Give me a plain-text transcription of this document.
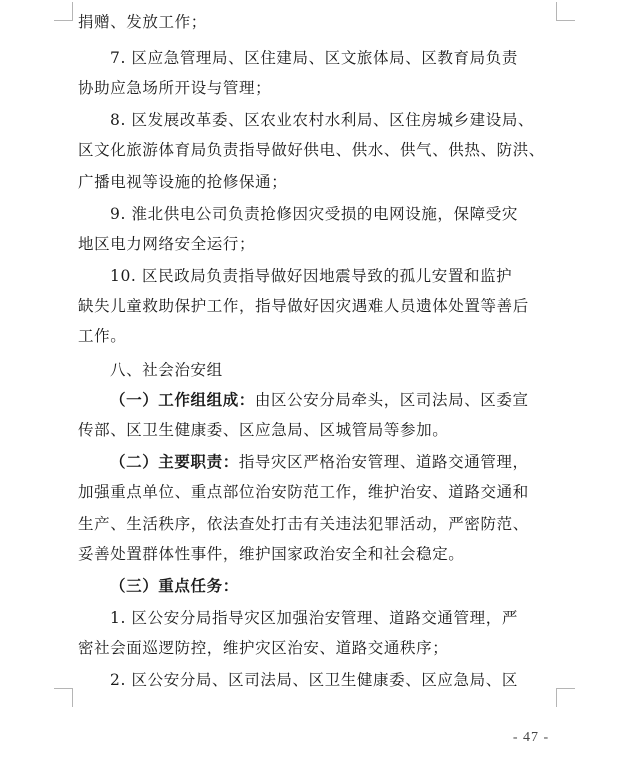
捐赠、发放工作；
7. 区应急管理局、区住建局、区文旅体局、区教育局负责
协助应急场所开设与管理；
8. 区发展改革委、区农业农村水利局、区住房城乡建设局、
区文化旅游体育局负责指导做好供电、供水、供气、供热、防洪、
广播电视等设施的抢修保通；
9. 淮北供电公司负责抢修因灾受损的电网设施，保障受灾
地区电力网络安全运行；
10. 区民政局负责指导做好因地震导致的孤儿安置和监护
缺失儿童救助保护工作，指导做好因灾遇难人员遗体处置等善后
工作。
八、社会治安组
（一）工作组组成：由区公安分局牵头，区司法局、区委宣
传部、区卫生健康委、区应急局、区城管局等参加。
（二）主要职责：指导灾区严格治安管理、道路交通管理，
加强重点单位、重点部位治安防范工作，维护治安、道路交通和
生产、生活秩序，依法查处打击有关违法犯罪活动，严密防范、
妥善处置群体性事件，维护国家政治安全和社会稳定。
（三）重点任务：
1. 区公安分局指导灾区加强治安管理、道路交通管理，严
密社会面巡逻防控，维护灾区治安、道路交通秩序；
2. 区公安分局、区司法局、区卫生健康委、区应急局、区
- 47 -
